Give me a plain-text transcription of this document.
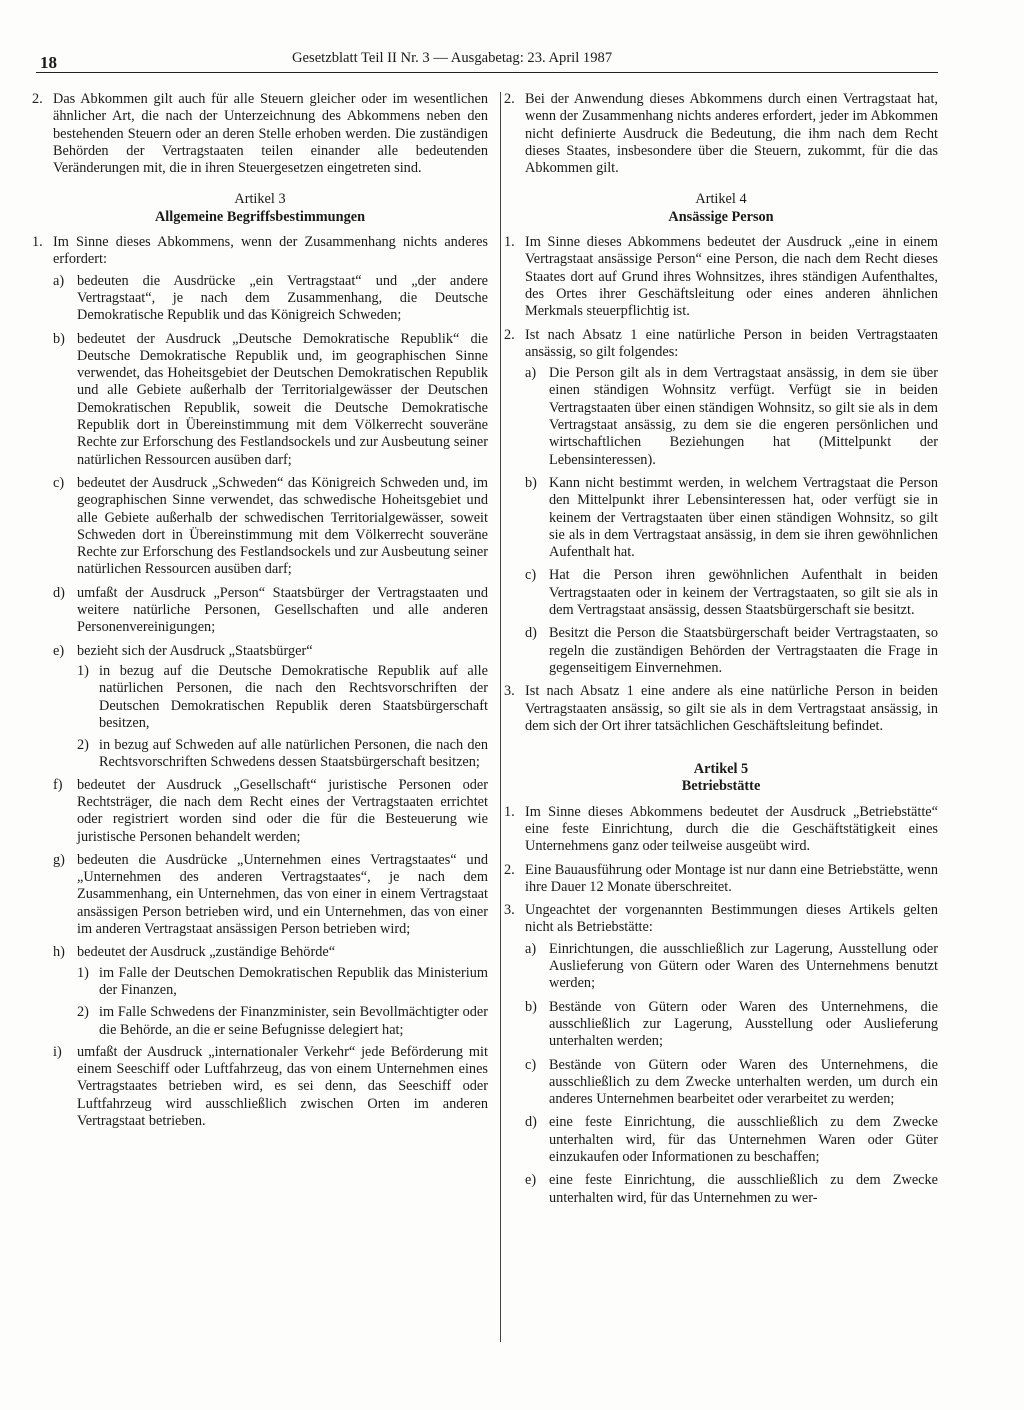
18	Gesetzblatt Teil II Nr. 3 — Ausgabetag: 23. April 1987
2. Das Abkommen gilt auch für alle Steuern gleicher oder im wesentlichen ähnlicher Art, die nach der Unterzeichnung des Abkommens neben den bestehenden Steuern oder an deren Stelle erhoben werden. Die zuständigen Behörden der Vertragstaaten teilen einander alle bedeutenden Veränderungen mit, die in ihren Steuergesetzen eingetreten sind.
Artikel 3
Allgemeine Begriffsbestimmungen
1. Im Sinne dieses Abkommens, wenn der Zusammenhang nichts anderes erfordert:
a) bedeuten die Ausdrücke „ein Vertragstaat“ und „der andere Vertragstaat“, je nach dem Zusammenhang, die Deutsche Demokratische Republik und das Königreich Schweden;
b) bedeutet der Ausdruck „Deutsche Demokratische Republik“ die Deutsche Demokratische Republik und, im geographischen Sinne verwendet, das Hoheitsgebiet der Deutschen Demokratischen Republik und alle Gebiete außerhalb der Territorialgewässer der Deutschen Demokratischen Republik, soweit die Deutsche Demokratische Republik dort in Übereinstimmung mit dem Völkerrecht souveräne Rechte zur Erforschung des Festlandsockels und zur Ausbeutung seiner natürlichen Ressourcen ausüben darf;
c) bedeutet der Ausdruck „Schweden“ das Königreich Schweden und, im geographischen Sinne verwendet, das schwedische Hoheitsgebiet und alle Gebiete außerhalb der schwedischen Territorialgewässer, soweit Schweden dort in Übereinstimmung mit dem Völkerrecht souveräne Rechte zur Erforschung des Festlandsockels und zur Ausbeutung seiner natürlichen Ressourcen ausüben darf;
d) umfaßt der Ausdruck „Person“ Staatsbürger der Vertragstaaten und weitere natürliche Personen, Gesellschaften und alle anderen Personenvereinigungen;
e) bezieht sich der Ausdruck „Staatsbürger“
1) in bezug auf die Deutsche Demokratische Republik auf alle natürlichen Personen, die nach den Rechtsvorschriften der Deutschen Demokratischen Republik deren Staatsbürgerschaft besitzen,
2) in bezug auf Schweden auf alle natürlichen Personen, die nach den Rechtsvorschriften Schwedens dessen Staatsbürgerschaft besitzen;
f)	bedeutet der Ausdruck „Gesellschaft“ juristische Personen oder Rechtsträger, die nach dem Recht eines der Vertragstaaten errichtet oder registriert worden sind oder die für die Besteuerung wie juristische Personen behandelt werden;
g) bedeuten die Ausdrücke „Unternehmen eines Vertragstaates“ und „Unternehmen des anderen Vertragstaates“, je nach dem Zusammenhang, ein Unternehmen, das von einer in einem Vertragstaat ansässigen Person betrieben wird, und ein Unternehmen, das von einer im anderen Vertragstaat ansässigen Person betrieben wird;
h) bedeutet der Ausdruck „zuständige Behörde“
1) im Falle der Deutschen Demokratischen Republik das Ministerium der Finanzen,
2) im Falle Schwedens der Finanzminister, sein Bevollmächtigter oder die Behörde, an die er seine Befugnisse delegiert hat;
i)	umfaßt der Ausdruck „internationaler Verkehr“ jede Beförderung mit einem Seeschiff oder Luftfahrzeug, das von einem Unternehmen eines Vertragstaates betrieben wird, es sei denn, das Seeschiff oder Luftfahrzeug wird ausschließlich zwischen Orten im anderen Vertragstaat betrieben.
2. Bei der Anwendung dieses Abkommens durch einen Vertragstaat hat, wenn der Zusammenhang nichts anderes erfordert, jeder im Abkommen nicht definierte Ausdruck die Bedeutung, die ihm nach dem Recht dieses Staates, insbesondere über die Steuern, zukommt, für die das Abkommen gilt.
Artikel 4
Ansässige Person
1. Im Sinne dieses Abkommens bedeutet der Ausdruck „eine in einem Vertragstaat ansässige Person“ eine Person, die nach dem Recht dieses Staates dort auf Grund ihres Wohnsitzes, ihres ständigen Aufenthaltes, des Ortes ihrer Geschäftsleitung oder eines anderen ähnlichen Merkmals steuerpflichtig ist.
2. Ist nach Absatz 1 eine natürliche Person in beiden Vertragstaaten ansässig, so gilt folgendes:
a) Die Person gilt als in dem Vertragstaat ansässig, in dem sie über einen ständigen Wohnsitz verfügt. Verfügt sie in beiden Vertragstaaten über einen ständigen Wohnsitz, so gilt sie als in dem Vertragstaat ansässig, zu dem sie die engeren persönlichen und wirtschaftlichen Beziehungen hat (Mittelpunkt der Lebensinteressen).
b) Kann nicht bestimmt werden, in welchem Vertragstaat die Person den Mittelpunkt ihrer Lebensinteressen hat, oder verfügt sie in keinem der Vertragstaaten über einen ständigen Wohnsitz, so gilt sie als in dem Vertragstaat ansässig, in dem sie ihren gewöhnlichen Aufenthalt hat.
c) Hat die Person ihren gewöhnlichen Aufenthalt in beiden Vertragstaaten oder in keinem der Vertragstaaten, so gilt sie als in dem Vertragstaat ansässig, dessen Staatsbürgerschaft sie besitzt.
d) Besitzt die Person die Staatsbürgerschaft beider Vertragstaaten, so regeln die zuständigen Behörden der Vertragstaaten die Frage in gegenseitigem Einvernehmen.
3. Ist nach Absatz 1 eine andere als eine natürliche Person in beiden Vertragstaaten ansässig, so gilt sie als in dem Vertragstaat ansässig, in dem sich der Ort ihrer tatsächlichen Geschäftsleitung befindet.
Artikel 5
Betriebstätte
1. Im Sinne dieses Abkommens bedeutet der Ausdruck „Betriebstätte“ eine feste Einrichtung, durch die die Geschäftstätigkeit eines Unternehmens ganz oder teilweise ausgeübt wird.
2. Eine Bauausführung oder Montage ist nur dann eine Betriebstätte, wenn ihre Dauer 12 Monate überschreitet.
3. Ungeachtet der vorgenannten Bestimmungen dieses Artikels gelten nicht als Betriebstätte:
a) Einrichtungen, die ausschließlich zur Lagerung, Ausstellung oder Auslieferung von Gütern oder Waren des Unternehmens benutzt werden;
b) Bestände von Gütern oder Waren des Unternehmens, die ausschließlich zur Lagerung, Ausstellung oder Auslieferung unterhalten werden;
c) Bestände von Gütern oder Waren des Unternehmens, die ausschließlich zu dem Zwecke unterhalten werden, um durch ein anderes Unternehmen bearbeitet oder verarbeitet zu werden;
d) eine feste Einrichtung, die ausschließlich zu dem Zwecke unterhalten wird, für das Unternehmen Waren oder Güter einzukaufen oder Informationen zu beschaffen;
e) eine feste Einrichtung, die ausschließlich zu dem Zwecke unterhalten wird, für das Unternehmen zu wer-
